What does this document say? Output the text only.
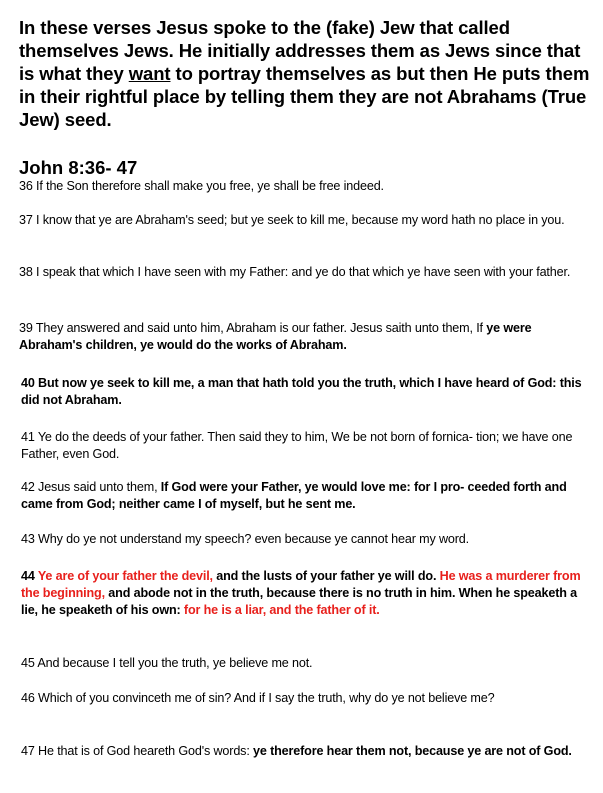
In these verses Jesus spoke to the (fake) Jew that called themselves Jews. He initially addresses them as Jews since that is what they want to portray themselves as but then He puts them in their rightful place by telling them they are not Abrahams (True Jew) seed.
John 8:36- 47
36 If the Son therefore shall make you free, ye shall be free indeed.
37 I know that ye are Abraham's seed; but ye seek to kill me, because my word hath no place in you.
38 I speak that which I have seen with my Father: and ye do that which ye have seen with your father.
39 They answered and said unto him, Abraham is our father. Jesus saith unto them, If ye were Abraham's children, ye would do the works of Abraham.
40 But now ye seek to kill me, a man that hath told you the truth, which I have heard of God: this did not Abraham.
41 Ye do the deeds of your father. Then said they to him, We be not born of fornica- tion; we have one Father, even God.
42 Jesus said unto them, If God were your Father, ye would love me: for I pro- ceeded forth and came from God; neither came I of myself, but he sent me.
43 Why do ye not understand my speech? even because ye cannot hear my word.
44 Ye are of your father the devil, and the lusts of your father ye will do. He was a murderer from the beginning, and abode not in the truth, because there is no truth in him. When he speaketh a lie, he speaketh of his own: for he is a liar, and the father of it.
45 And because I tell you the truth, ye believe me not.
46 Which of you convinceth me of sin? And if I say the truth, why do ye not believe me?
47 He that is of God heareth God's words: ye therefore hear them not, because ye are not of God.
